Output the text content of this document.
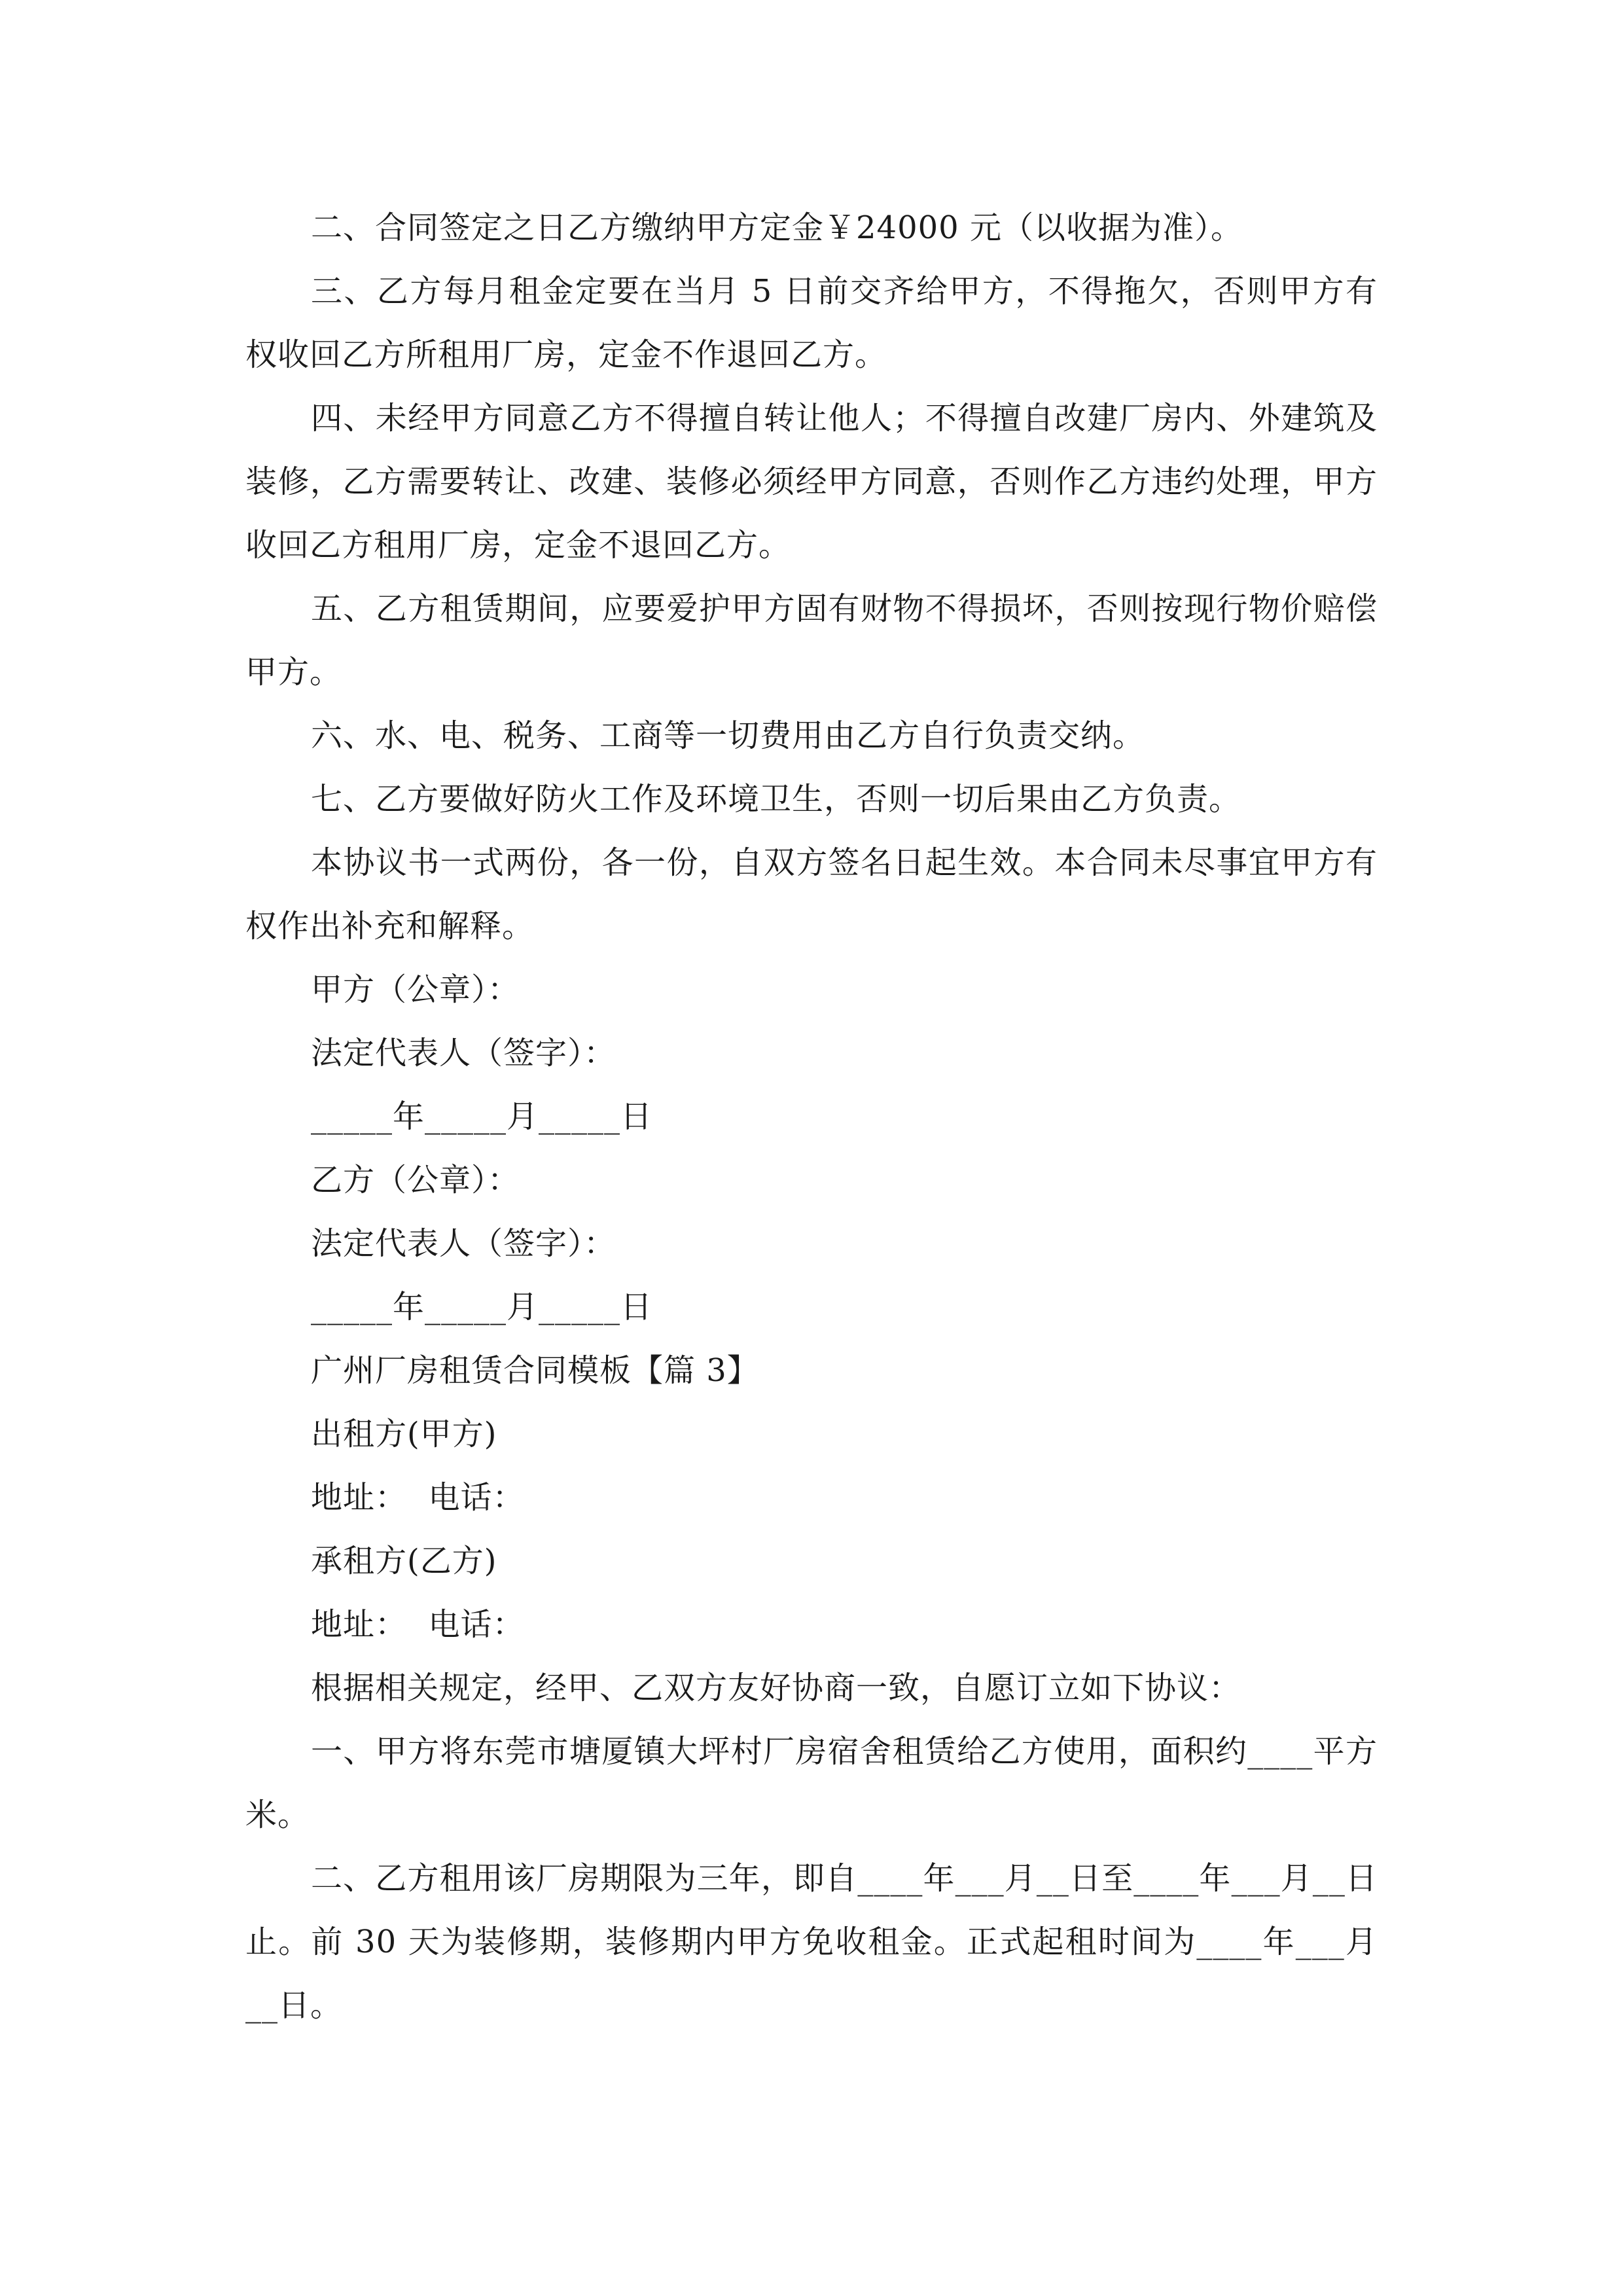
二、合同签定之日乙方缴纳甲方定金￥24000 元（以收据为准）。

三、乙方每月租金定要在当月 5 日前交齐给甲方，不得拖欠，否则甲方有权收回乙方所租用厂房，定金不作退回乙方。

四、未经甲方同意乙方不得擅自转让他人；不得擅自改建厂房内、外建筑及装修，乙方需要转让、改建、装修必须经甲方同意，否则作乙方违约处理，甲方收回乙方租用厂房，定金不退回乙方。

五、乙方租赁期间，应要爱护甲方固有财物不得损坏，否则按现行物价赔偿甲方。

六、水、电、税务、工商等一切费用由乙方自行负责交纳。

七、乙方要做好防火工作及环境卫生，否则一切后果由乙方负责。

本协议书一式两份，各一份，自双方签名日起生效。本合同未尽事宜甲方有权作出补充和解释。

甲方（公章）：

法定代表人（签字）：

_____年_____月_____日

乙方（公章）：

法定代表人（签字）：

_____年_____月_____日

广州厂房租赁合同模板【篇 3】

出租方(甲方)

地址：  电话：

承租方(乙方)

地址：  电话：

根据相关规定，经甲、乙双方友好协商一致，自愿订立如下协议：

一、甲方将东莞市塘厦镇大坪村厂房宿舍租赁给乙方使用，面积约____平方米。

二、乙方租用该厂房期限为三年，即自____年___月__日至____年___月__日止。前 30 天为装修期，装修期内甲方免收租金。正式起租时间为____年___月__日。
